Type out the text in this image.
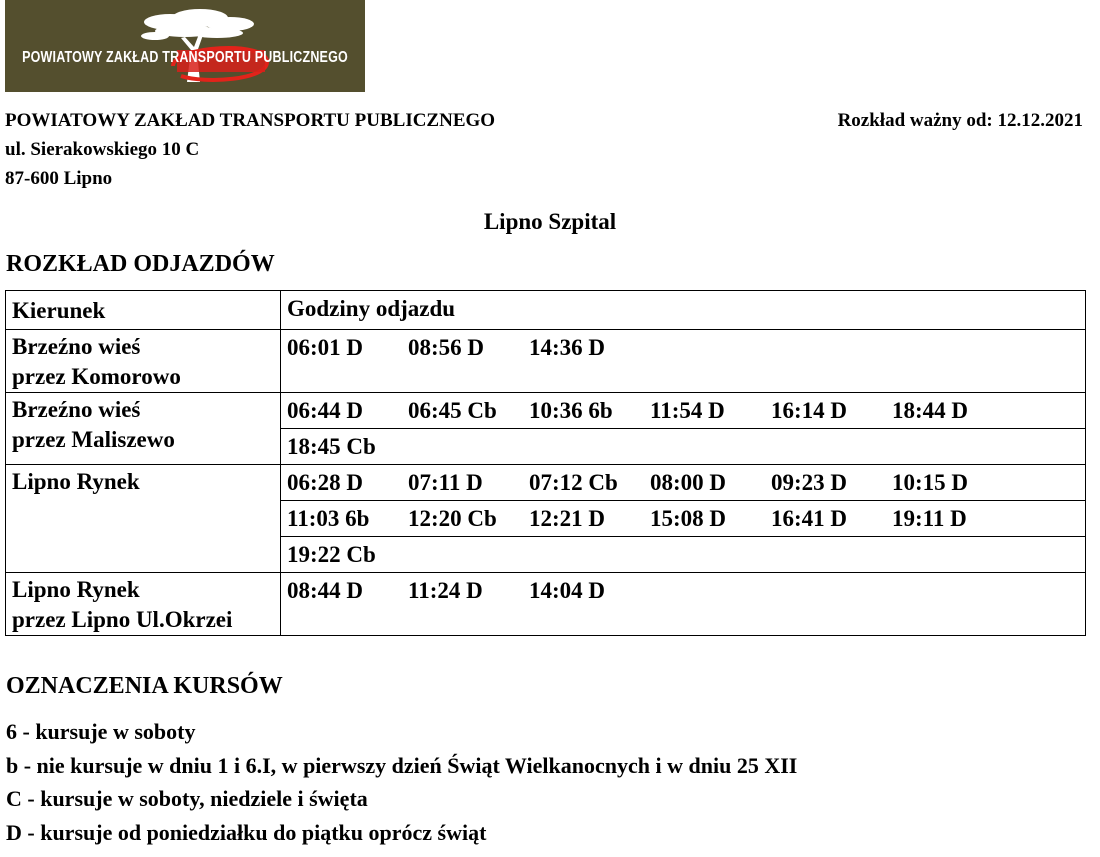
POWIATOWY ZAKŁAD TRANSPORTU PUBLICZNEGO
POWIATOWY ZAKŁAD TRANSPORTU PUBLICZNEGO
ul. Sierakowskiego 10 C
87-600 Lipno
Rozkład ważny od: 12.12.2021
Lipno Szpital
ROZKŁAD ODJAZDÓW
Kierunek	Godziny odjazdu

Brzeźno wieś
przez Komorowo	06:01 D 08:56 D 14:36 D

Brzeźno wieś
przez Maliszewo	06:44 D 06:45 Cb 10:36 6b 11:54 D 16:14 D 18:44 D
	18:45 Cb

Lipno Rynek	06:28 D 07:11 D 07:12 Cb 08:00 D 09:23 D 10:15 D
	11:03 6b 12:20 Cb 12:21 D 15:08 D 16:41 D 19:11 D
	19:22 Cb

Lipno Rynek
przez Lipno Ul.Okrzei	08:44 D 11:24 D 14:04 D
OZNACZENIA KURSÓW
6 - kursuje w soboty
b - nie kursuje w dniu 1 i 6.I, w pierwszy dzień Świąt Wielkanocnych i w dniu 25 XII
C - kursuje w soboty, niedziele i święta
D - kursuje od poniedziałku do piątku oprócz świąt
